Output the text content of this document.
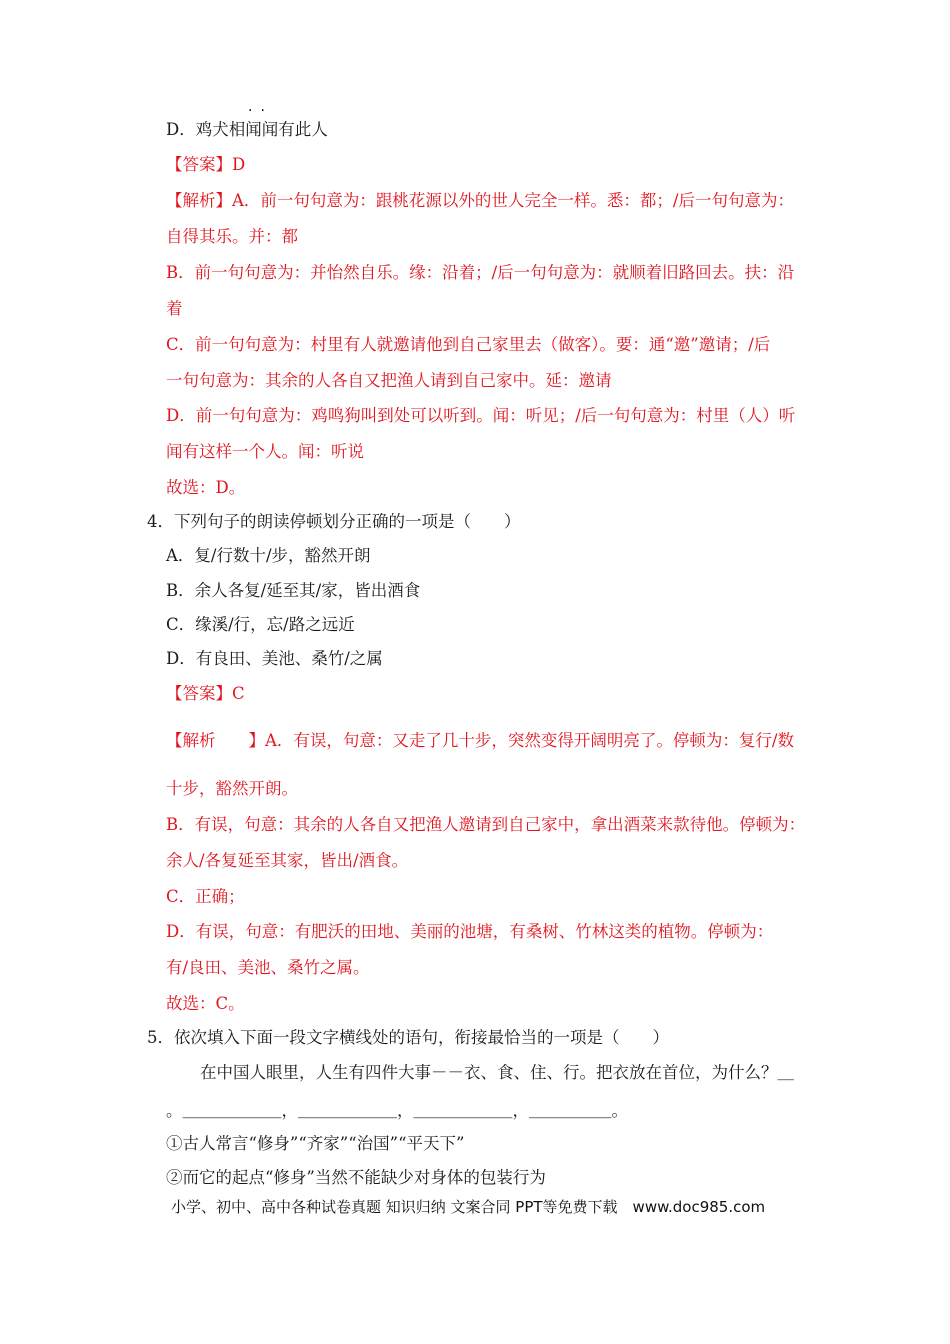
··
D．鸡犬相闻闻有此人
【答案】D
【解析】A．前一句句意为：跟桃花源以外的世人完全一样。悉：都；/后一句句意为：
自得其乐。并：都
B．前一句句意为：并怡然自乐。缘：沿着；/后一句句意为：就顺着旧路回去。扶：沿
着
C．前一句句意为：村里有人就邀请他到自己家里去（做客）。要：通“邀”邀请；/后
一句句意为：其余的人各自又把渔人请到自己家中。延：邀请
D．前一句句意为：鸡鸣狗叫到处可以听到。闻：听见；/后一句句意为：村里（人）听
闻有这样一个人。闻：听说
故选：D。
4．下列句子的朗读停顿划分正确的一项是（　　）
A．复/行数十/步，豁然开朗
B．余人各复/延至其/家，皆出酒食
C．缘溪/行，忘/路之远近
D．有良田、美池、桑竹/之属
【答案】C
【解析　　】A．有误，句意：又走了几十步，突然变得开阔明亮了。停顿为：复行/数
十步，豁然开朗。
B．有误，句意：其余的人各自又把渔人邀请到自己家中，拿出酒菜来款待他。停顿为：
余人/各复延至其家，皆出/酒食。
C．正确；
D．有误，句意：有肥沃的田地、美丽的池塘，有桑树、竹林这类的植物。停顿为：
有/良田、美池、桑竹之属。
故选：C。
5．依次填入下面一段文字横线处的语句，衔接最恰当的一项是（　　）
在中国人眼里，人生有四件大事－－衣、食、住、行。把衣放在首位，为什么？＿
。＿＿＿＿＿＿，＿＿＿＿＿＿，＿＿＿＿＿＿，＿＿＿＿＿。
①古人常言“修身”“齐家”“治国”“平天下”
②而它的起点“修身”当然不能缺少对身体的包装行为
小学、初中、高中各种试卷真题 知识归纳 文案合同 PPT等免费下载　www.doc985.com
